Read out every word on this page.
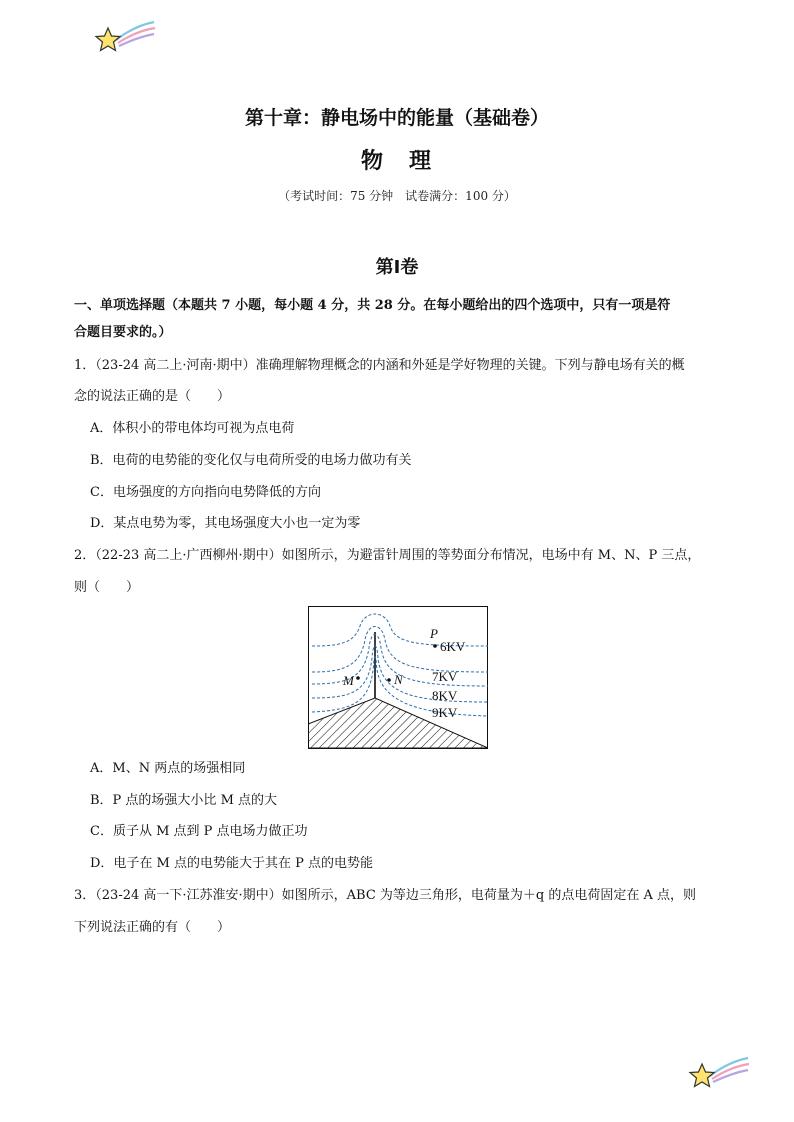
第十章：静电场中的能量（基础卷）
物　理
（考试时间：75 分钟　试卷满分：100 分）
第Ⅰ卷
一、单项选择题（本题共 7 小题，每小题 4 分，共 28 分。在每小题给出的四个选项中，只有一项是符
合题目要求的。）
1．（23-24 高二上·河南·期中）准确理解物理概念的内涵和外延是学好物理的关键。下列与静电场有关的概
念的说法正确的是（　　）
A．体积小的带电体均可视为点电荷
B．电荷的电势能的变化仅与电荷所受的电场力做功有关
C．电场强度的方向指向电势降低的方向
D．某点电势为零，其电场强度大小也一定为零
2．（22-23 高二上·广西柳州·期中）如图所示，为避雷针周围的等势面分布情况，电场中有 M、N、P 三点，
则（　　）
P
M	N
6KV
7KV
8KV
9KV
A．M、N 两点的场强相同
B．P 点的场强大小比 M 点的大
C．质子从 M 点到 P 点电场力做正功
D．电子在 M 点的电势能大于其在 P 点的电势能
3．（23-24 高一下·江苏淮安·期中）如图所示，ABC 为等边三角形，电荷量为＋q 的点电荷固定在 A 点，则
下列说法正确的有（　　）
